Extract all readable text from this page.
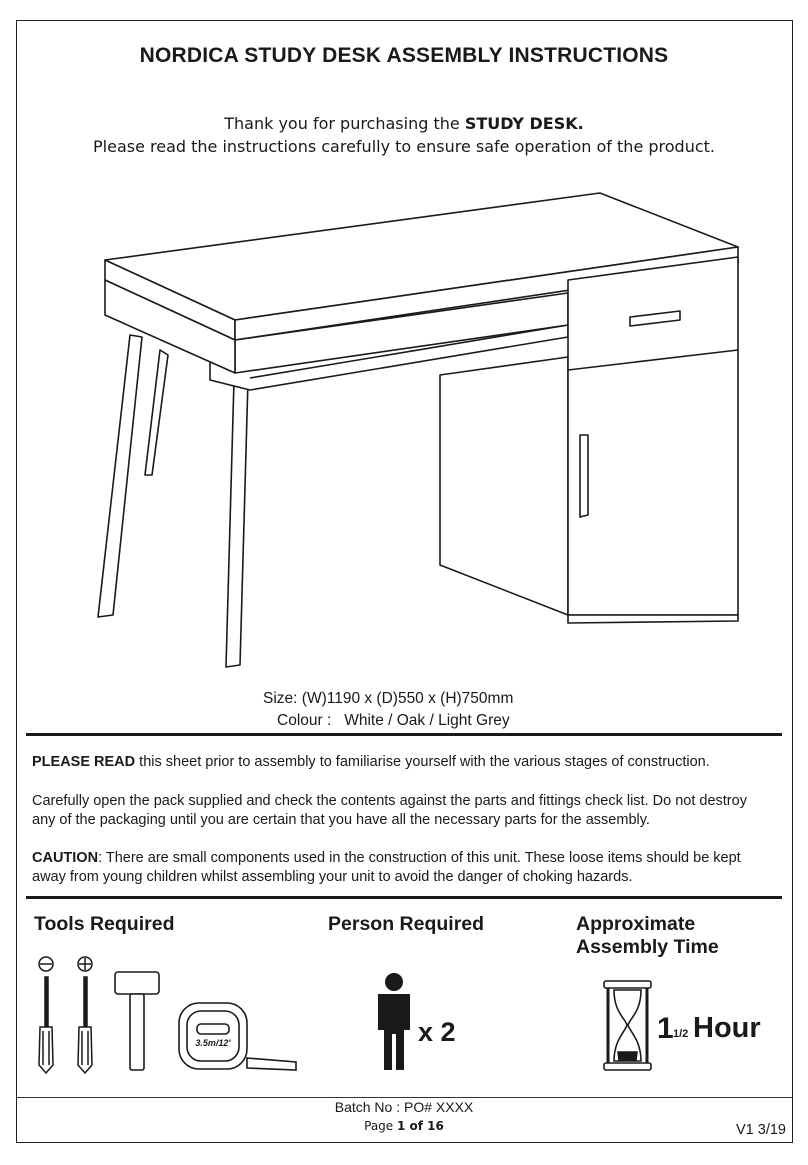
NORDICA STUDY DESK ASSEMBLY INSTRUCTIONS
Thank you for purchasing the STUDY DESK.
Please read the instructions carefully to ensure safe operation of the product.
Size: (W)1190 x (D)550 x (H)750mm
Colour : White / Oak / Light Grey
PLEASE READ this sheet prior to assembly to familiarise yourself with the various stages of construction.
Carefully open the pack supplied and check the contents against the parts and fittings check list. Do not destroy any of the packaging until you are certain that you have all the necessary parts for the assembly.
CAUTION: There are small components used in the construction of this unit. These loose items should be kept away from young children whilst assembling your unit to avoid the danger of choking hazards.
Tools Required	Person Required	Approximate
Assembly Time
3.5m/12'	x 2	1 1/2 Hour
Batch No : PO# XXXX
Page 1 of 16	V1 3/19
